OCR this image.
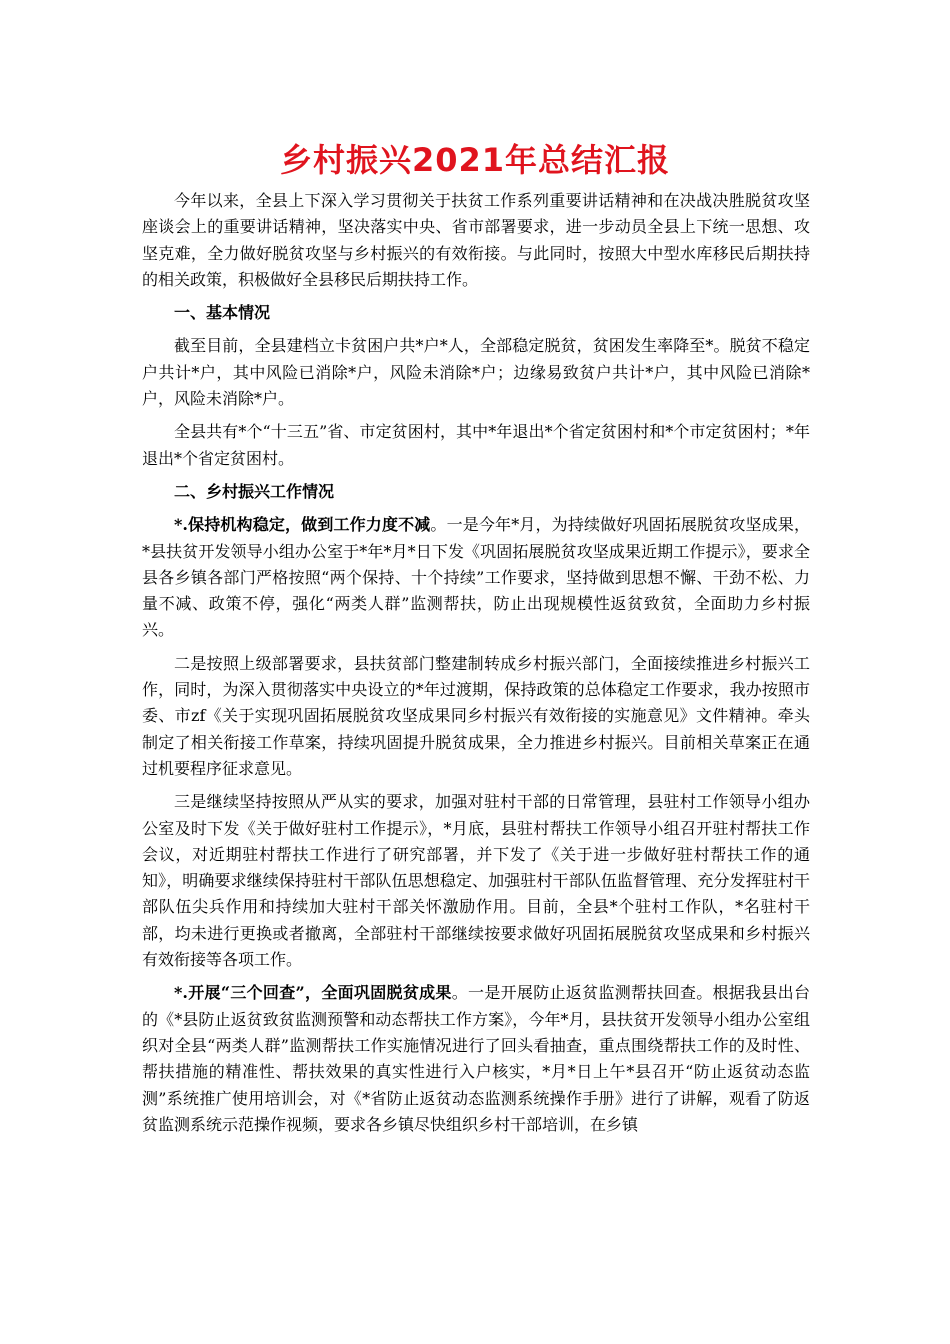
乡村振兴2021年总结汇报

今年以来，全县上下深入学习贯彻关于扶贫工作系列重要讲话精神和在决战决胜脱贫攻坚座谈会上的重要讲话精神，坚决落实中央、省市部署要求，进一步动员全县上下统一思想、攻坚克难，全力做好脱贫攻坚与乡村振兴的有效衔接。与此同时，按照大中型水库移民后期扶持的相关政策，积极做好全县移民后期扶持工作。

一、基本情况

截至目前，全县建档立卡贫困户共*户*人，全部稳定脱贫，贫困发生率降至*。脱贫不稳定户共计*户，其中风险已消除*户，风险未消除*户；边缘易致贫户共计*户，其中风险已消除*户，风险未消除*户。

全县共有*个“十三五”省、市定贫困村，其中*年退出*个省定贫困村和*个市定贫困村；*年退出*个省定贫困村。

二、乡村振兴工作情况

*.保持机构稳定，做到工作力度不减。一是今年*月，为持续做好巩固拓展脱贫攻坚成果，*县扶贫开发领导小组办公室于*年*月*日下发《巩固拓展脱贫攻坚成果近期工作提示》，要求全县各乡镇各部门严格按照“两个保持、十个持续”工作要求，坚持做到思想不懈、干劲不松、力量不减、政策不停，强化“两类人群”监测帮扶，防止出现规模性返贫致贫，全面助力乡村振兴。

二是按照上级部署要求，县扶贫部门整建制转成乡村振兴部门，全面接续推进乡村振兴工作，同时，为深入贯彻落实中央设立的*年过渡期，保持政策的总体稳定工作要求，我办按照市委、市zf《关于实现巩固拓展脱贫攻坚成果同乡村振兴有效衔接的实施意见》文件精神。牵头制定了相关衔接工作草案，持续巩固提升脱贫成果，全力推进乡村振兴。目前相关草案正在通过机要程序征求意见。

三是继续坚持按照从严从实的要求，加强对驻村干部的日常管理，县驻村工作领导小组办公室及时下发《关于做好驻村工作提示》，*月底，县驻村帮扶工作领导小组召开驻村帮扶工作会议，对近期驻村帮扶工作进行了研究部署，并下发了《关于进一步做好驻村帮扶工作的通知》，明确要求继续保持驻村干部队伍思想稳定、加强驻村干部队伍监督管理、充分发挥驻村干部队伍尖兵作用和持续加大驻村干部关怀激励作用。目前，全县*个驻村工作队，*名驻村干部，均未进行更换或者撤离，全部驻村干部继续按要求做好巩固拓展脱贫攻坚成果和乡村振兴有效衔接等各项工作。

*.开展“三个回查”，全面巩固脱贫成果。一是开展防止返贫监测帮扶回查。根据我县出台的《*县防止返贫致贫监测预警和动态帮扶工作方案》，今年*月，县扶贫开发领导小组办公室组织对全县“两类人群”监测帮扶工作实施情况进行了回头看抽查，重点围绕帮扶工作的及时性、帮扶措施的精准性、帮扶效果的真实性进行入户核实，*月*日上午*县召开“防止返贫动态监测”系统推广使用培训会，对《*省防止返贫动态监测系统操作手册》进行了讲解，观看了防返贫监测系统示范操作视频，要求各乡镇尽快组织乡村干部培训，在乡镇
